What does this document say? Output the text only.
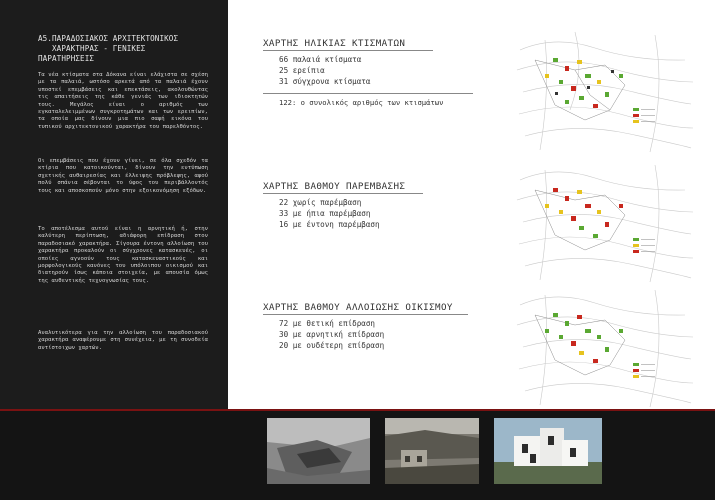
Α5.ΠΑΡΑΔΟΣΙΑΚΟΣ ΑΡΧΙΤΕΚΤΟΝΙΚΟΣ
ΧΑΡΑΚΤΗΡΑΣ - ΓΕΝΙΚΕΣ
ΠΑΡΑΤΗΡΗΣΕΙΣ
Τα νέα κτίσματα στα Δόκανα είναι ελάχιστα σε σχέση με τα παλαιά, ωστόσο αρκετά από τα παλαιά έχουν υποστεί επεμβάσεις και επεκτάσεις, ακολουθώντας τις απαιτήσεις της κάθε γενιάς των ιδιοκτητών τους. Μεγάλος είναι ο αριθμός των εγκαταλελειμμένων συγκροτημάτων και των ερειπίων, τα οποία μας δίνουν μια πιο σαφή εικόνα του τυπικού αρχιτεκτονικού χαρακτήρα του παρελθόντος.
Οι επεμβάσεις που έχουν γίνει, σε όλα σχεδόν τα κτίρια που κατοικούνται, δίνουν την εντύπωση σχετικής αυθαιρεσίας και έλλειψης πρόβλεψης, αφού πολύ σπάνια σέβονται το ύφος του περιβάλλοντός τους και αποσκοπούν μόνο στην εξοικονόμηση εξόδων.
Το αποτέλεσμα αυτού είναι η αρνητική ή, στην καλύτερη περίπτωση, αδιάφορη επίδραση στον παραδοσιακό χαρακτήρα. Σίγουρα έντονη αλλοίωση του χαρακτήρα προκαλούν οι σύγχρονες κατασκευές, οι οποίες αγνοούν τους κατασκευαστικούς και μορφολογικούς κανόνες του υπόλοιπου οικισμού και διατηρούν ίσως κάποια στοιχεία, με απουσία όμως της αυθεντικής τεχνογνωσίας τους.
Αναλυτικότερα για την αλλοίωση του παραδοσιακού χαρακτήρα αναφέρουμε στη συνέχεια, με τη συνοδεία αντίστοιχων χαρτών.
ΧΑΡΤΗΣ ΗΛΙΚΙΑΣ ΚΤΙΣΜΑΤΩΝ
66 παλαιά κτίσματα
25 ερείπια
31 σύγχρονα κτίσματα
122: ο συνολικός αριθμός των κτισμάτων
ΧΑΡΤΗΣ ΒΑΘΜΟΥ ΠΑΡΕΜΒΑΣΗΣ
22 χωρίς παρέμβαση
33 με ήπια παρέμβαση
16 με έντονη παρέμβαση
ΧΑΡΤΗΣ ΒΑΘΜΟΥ ΑΛΛΟΙΩΣΗΣ ΟΙΚΙΣΜΟΥ
72 με θετική επίδραση
30 με αρνητική επίδραση
20 με ουδέτερη επίδραση
